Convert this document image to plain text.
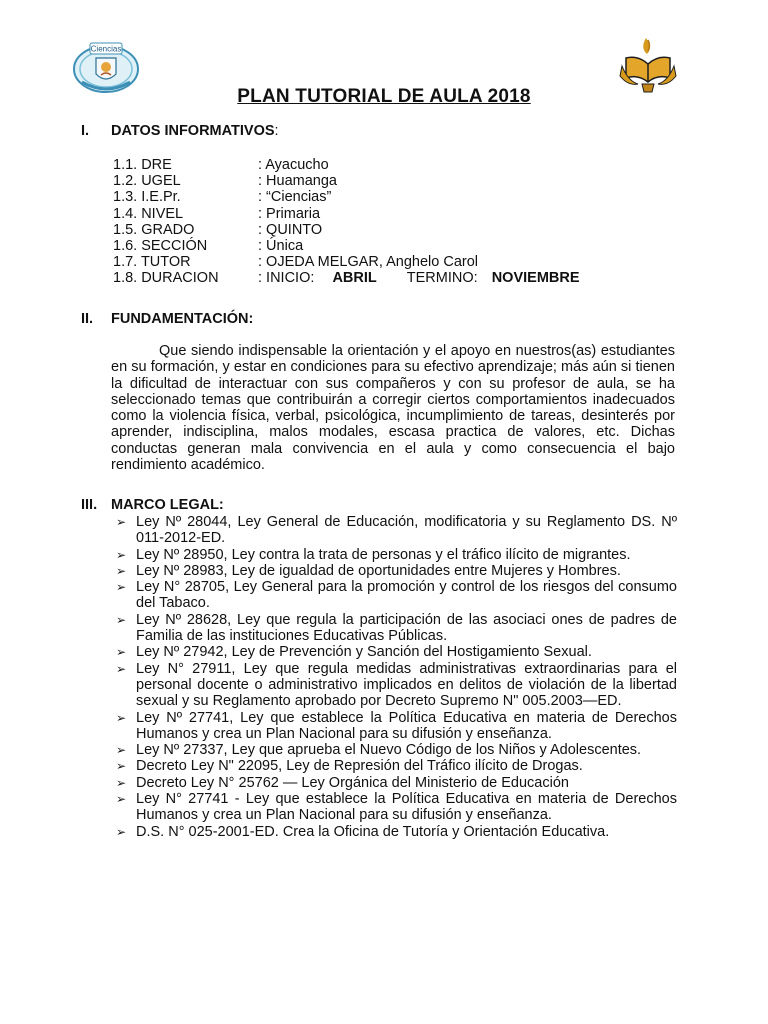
Ciencias
PLAN TUTORIAL DE AULA 2018
I. DATOS INFORMATIVOS:
1.1. DRE	: Ayacucho
1.2. UGEL	: Huamanga
1.3. I.E.Pr.	: “Ciencias”
1.4. NIVEL	: Primaria
1.5. GRADO	: QUINTO
1.6. SECCIÓN	: Única
1.7. TUTOR	: OJEDA MELGAR, Anghelo Carol
1.8. DURACION	: INICIO: ABRIL TERMINO: NOVIEMBRE
II. FUNDAMENTACIÓN:
Que siendo indispensable la orientación y el apoyo en nuestros(as) estudiantes en su formación, y estar en condiciones para su efectivo aprendizaje; más aún si tienen la dificultad de interactuar con sus compañeros y con su profesor de aula, se ha seleccionado temas que contribuirán a corregir ciertos comportamientos inadecuados como la violencia física, verbal, psicológica, incumplimiento de tareas, desinterés por aprender, indisciplina, malos modales, escasa practica de valores, etc. Dichas conductas generan mala convivencia en el aula y como consecuencia el bajo rendimiento académico.
III. MARCO LEGAL:
➢ Ley Nº 28044, Ley General de Educación, modificatoria y su Reglamento DS. Nº 011-2012-ED.
➢ Ley Nº 28950, Ley contra la trata de personas y el tráfico ilícito de migrantes.
➢ Ley Nº 28983, Ley de igualdad de oportunidades entre Mujeres y Hombres.
➢ Ley N° 28705, Ley General para la promoción y control de los riesgos del consumo del Tabaco.
➢ Ley Nº 28628, Ley que regula la participación de las asociaci ones de padres de Familia de las instituciones Educativas Públicas.
➢ Ley Nº 27942, Ley de Prevención y Sanción del Hostigamiento Sexual.
➢ Ley N° 27911, Ley que regula medidas administrativas extraordinarias para el personal docente o administrativo implicados en delitos de violación de la libertad sexual y su Reglamento aprobado por Decreto Supremo N" 005.2003—ED.
➢ Ley Nº 27741, Ley que establece la Política Educativa en materia de Derechos Humanos y crea un Plan Nacional para su difusión y enseñanza.
➢ Ley Nº 27337, Ley que aprueba el Nuevo Código de los Niños y Adolescentes.
➢ Decreto Ley N" 22095, Ley de Represión del Tráfico ilícito de Drogas.
➢ Decreto Ley N° 25762 — Ley Orgánica del Ministerio de Educación
➢ Ley N° 27741 - Ley que establece la Política Educativa en materia de Derechos Humanos y crea un Plan Nacional para su difusión y enseñanza.
➢ D.S. N° 025-2001-ED. Crea la Oficina de Tutoría y Orientación Educativa.
